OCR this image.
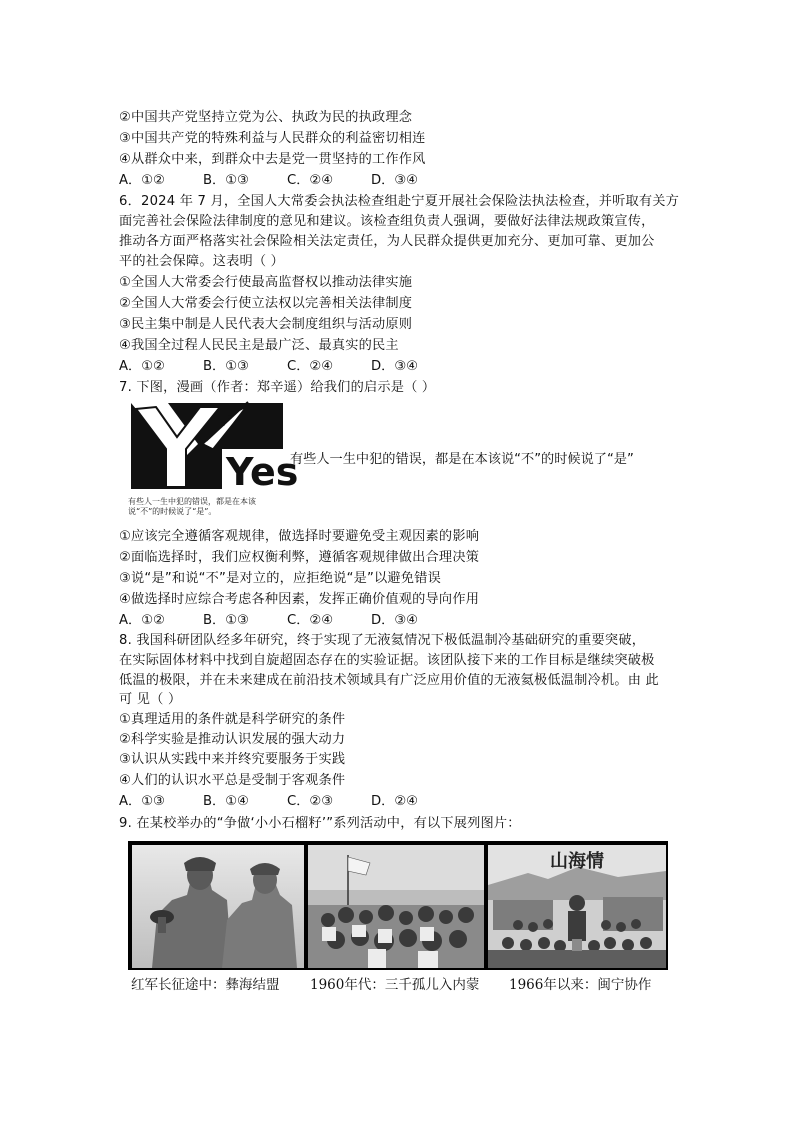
②中国共产党坚持立党为公、执政为民的执政理念
③中国共产党的特殊利益与人民群众的利益密切相连
④从群众中来，到群众中去是党一贯坚持的工作作风
A．①②	B．①③	C．②④	D．③④
6．2024 年 7 月，全国人大常委会执法检查组赴宁夏开展社会保险法执法检查，并听取有关方
面完善社会保险法律制度的意见和建议。该检查组负责人强调，要做好法律法规政策宣传，
推动各方面严格落实社会保险相关法定责任，为人民群众提供更加充分、更加可靠、更加公
平的社会保障。这表明（ ）
①全国人大常委会行使最高监督权以推动法律实施
②全国人大常委会行使立法权以完善相关法律制度
③民主集中制是人民代表大会制度组织与活动原则
④我国全过程人民民主是最广泛、最真实的民主
A．①②	B．①③	C．②④	D．③④
7. 下图，漫画（作者：郑辛遥）给我们的启示是（ ）
Yes
有些人一生中犯的错误，都是在本该说“不”的时候说了“是”。
有些人一生中犯的错误，都是在本该说“不”的时候说了“是”
①应该完全遵循客观规律，做选择时要避免受主观因素的影响
②面临选择时，我们应权衡利弊，遵循客观规律做出合理决策
③说“是”和说“不”是对立的，应拒绝说“是”以避免错误
④做选择时应综合考虑各种因素，发挥正确价值观的导向作用
A．①②	B．①③	C．②④	D．③④
8. 我国科研团队经多年研究，终于实现了无液氦情况下极低温制冷基础研究的重要突破，
在实际固体材料中找到自旋超固态存在的实验证据。该团队接下来的工作目标是继续突破极
低温的极限，并在未来建成在前沿技术领域具有广泛应用价值的无液氦极低温制冷机。由 此
可 见（ ）
①真理适用的条件就是科学研究的条件
②科学实验是推动认识发展的强大动力
③认识从实践中来并终究要服务于实践
④人们的认识水平总是受制于客观条件
A．①③	B．①④	C．②③	D．②④
9. 在某校举办的“争做‘小小石榴籽’”系列活动中，有以下展列图片：
山海情
红军长征途中：彝海结盟 1960年代：三千孤儿入内蒙 1966年以来：闽宁协作
